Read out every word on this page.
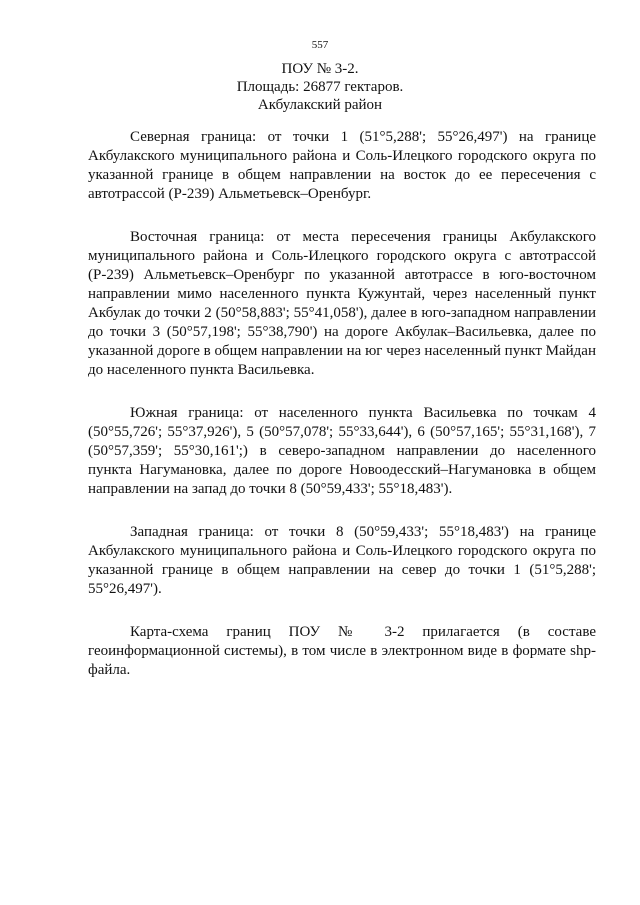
557
ПОУ № 3-2.
Площадь: 26877 гектаров.
Акбулакский район

Северная граница: от точки 1 (51°5,288'; 55°26,497') на границе Акбулакского муниципального района и Соль-Илецкого городского округа по указанной границе в общем направлении на восток до ее пересечения с автотрассой (Р-239) Альметьевск–Оренбург.

Восточная граница: от места пересечения границы Акбулакского муниципального района и Соль-Илецкого городского округа с автотрассой (Р-239) Альметьевск–Оренбург по указанной автотрассе в юго-восточном направлении мимо населенного пункта Кужунтай, через населенный пункт Акбулак до точки 2 (50°58,883'; 55°41,058'), далее в юго-западном направлении до точки 3 (50°57,198'; 55°38,790') на дороге Акбулак–Васильевка, далее по указанной дороге в общем направлении на юг через населенный пункт Майдан до населенного пункта Васильевка.

Южная граница: от населенного пункта Васильевка по точкам 4 (50°55,726'; 55°37,926'), 5 (50°57,078'; 55°33,644'), 6 (50°57,165'; 55°31,168'), 7 (50°57,359'; 55°30,161';) в северо-западном направлении до населенного пункта Нагумановка, далее по дороге Новоодесский–Нагумановка в общем направлении на запад до точки 8 (50°59,433'; 55°18,483').

Западная граница: от точки 8 (50°59,433'; 55°18,483') на границе Акбулакского муниципального района и Соль-Илецкого городского округа по указанной границе в общем направлении на север до точки 1 (51°5,288'; 55°26,497').

Карта-схема границ ПОУ № 3-2 прилагается (в составе геоинформационной системы), в том числе в электронном виде в формате shp-файла.
